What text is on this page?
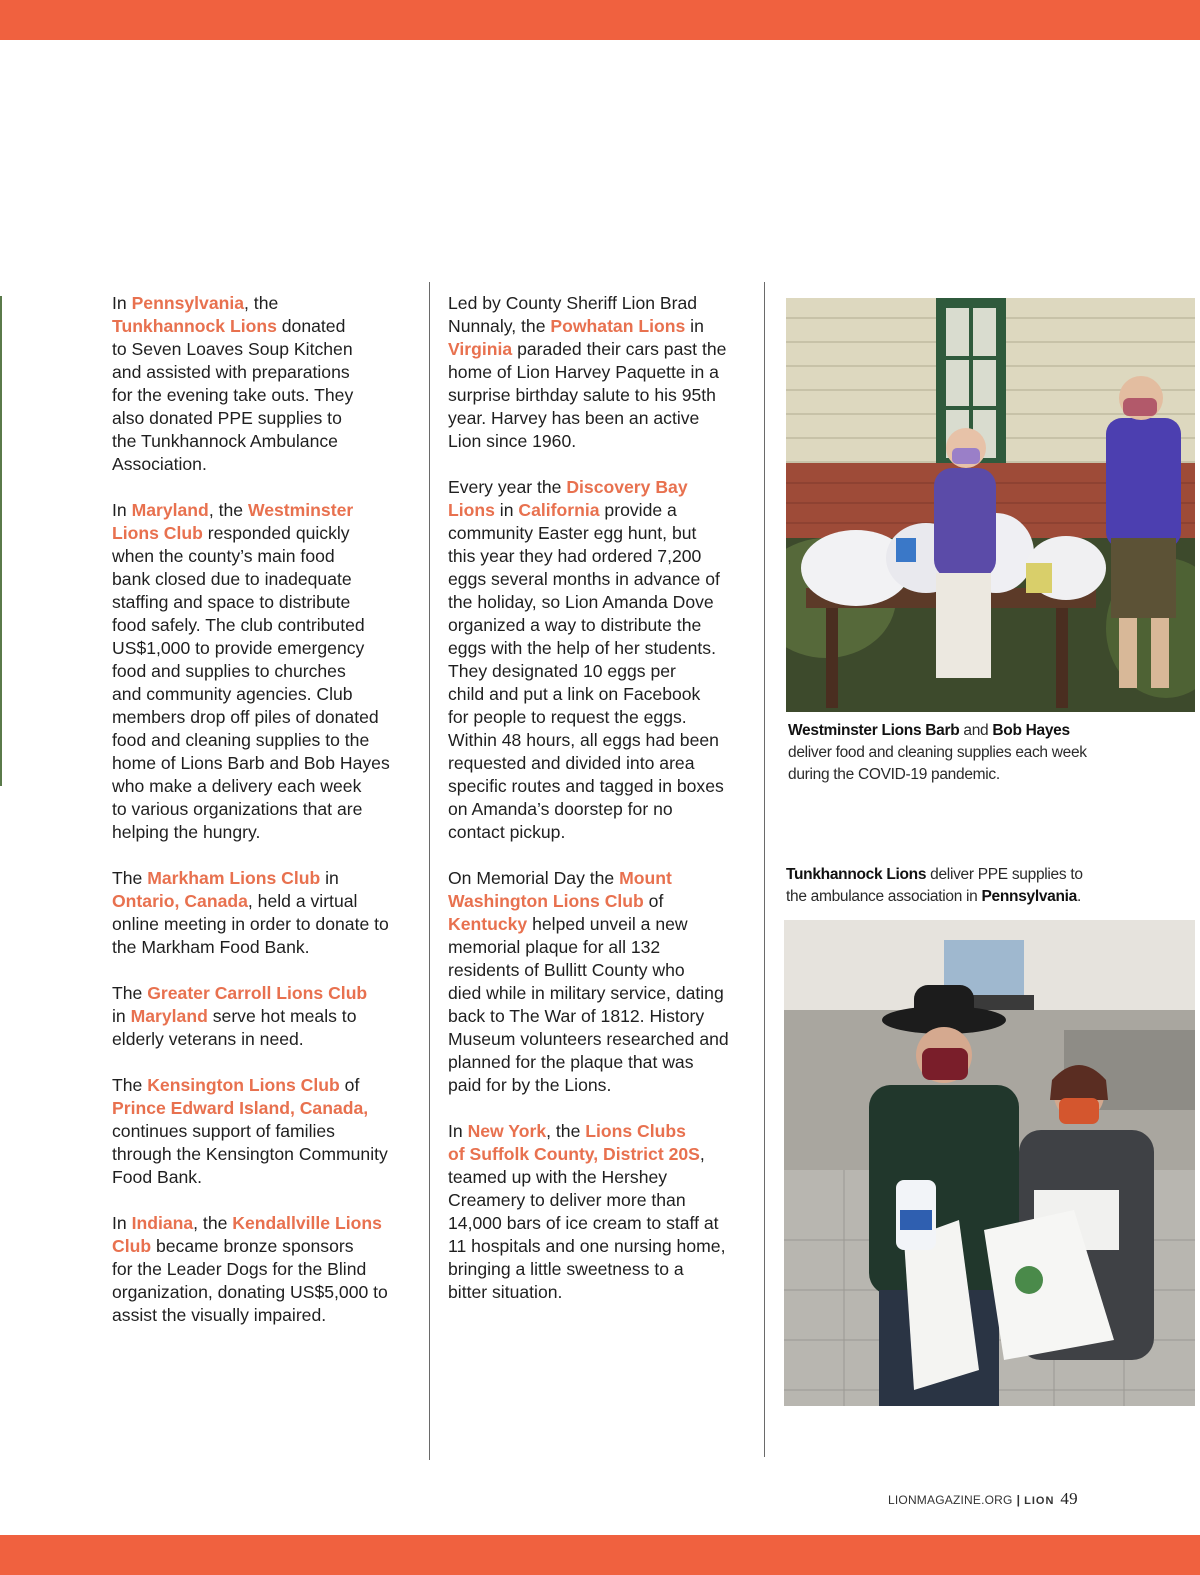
In Pennsylvania, the
Tunkhannock Lions donated
to Seven Loaves Soup Kitchen
and assisted with preparations
for the evening take outs. They
also donated PPE supplies to
the Tunkhannock Ambulance
Association.

In Maryland, the Westminster
Lions Club responded quickly
when the county’s main food
bank closed due to inadequate
staffing and space to distribute
food safely. The club contributed
US$1,000 to provide emergency
food and supplies to churches
and community agencies. Club
members drop off piles of donated
food and cleaning supplies to the
home of Lions Barb and Bob Hayes
who make a delivery each week
to various organizations that are
helping the hungry.

The Markham Lions Club in
Ontario, Canada, held a virtual
online meeting in order to donate to
the Markham Food Bank.

The Greater Carroll Lions Club
in Maryland serve hot meals to
elderly veterans in need.

The Kensington Lions Club of
Prince Edward Island, Canada,
continues support of families
through the Kensington Community
Food Bank.

In Indiana, the Kendallville Lions
Club became bronze sponsors
for the Leader Dogs for the Blind
organization, donating US$5,000 to
assist the visually impaired.

Led by County Sheriff Lion Brad
Nunnaly, the Powhatan Lions in
Virginia paraded their cars past the
home of Lion Harvey Paquette in a
surprise birthday salute to his 95th
year. Harvey has been an active
Lion since 1960.

Every year the Discovery Bay
Lions in California provide a
community Easter egg hunt, but
this year they had ordered 7,200
eggs several months in advance of
the holiday, so Lion Amanda Dove
organized a way to distribute the
eggs with the help of her students.
They designated 10 eggs per
child and put a link on Facebook
for people to request the eggs.
Within 48 hours, all eggs had been
requested and divided into area
specific routes and tagged in boxes
on Amanda’s doorstep for no
contact pickup.

On Memorial Day the Mount
Washington Lions Club of
Kentucky helped unveil a new
memorial plaque for all 132
residents of Bullitt County who
died while in military service, dating
back to The War of 1812. History
Museum volunteers researched and
planned for the plaque that was
paid for by the Lions.

In New York, the Lions Clubs
of Suffolk County, District 20S,
teamed up with the Hershey
Creamery to deliver more than
14,000 bars of ice cream to staff at
11 hospitals and one nursing home,
bringing a little sweetness to a
bitter situation.

Westminster Lions Barb and Bob Hayes
deliver food and cleaning supplies each week
during the COVID-19 pandemic.
Tunkhannock Lions deliver PPE supplies to
the ambulance association in Pennsylvania.
LIONMAGAZINE.ORG | LION 49
